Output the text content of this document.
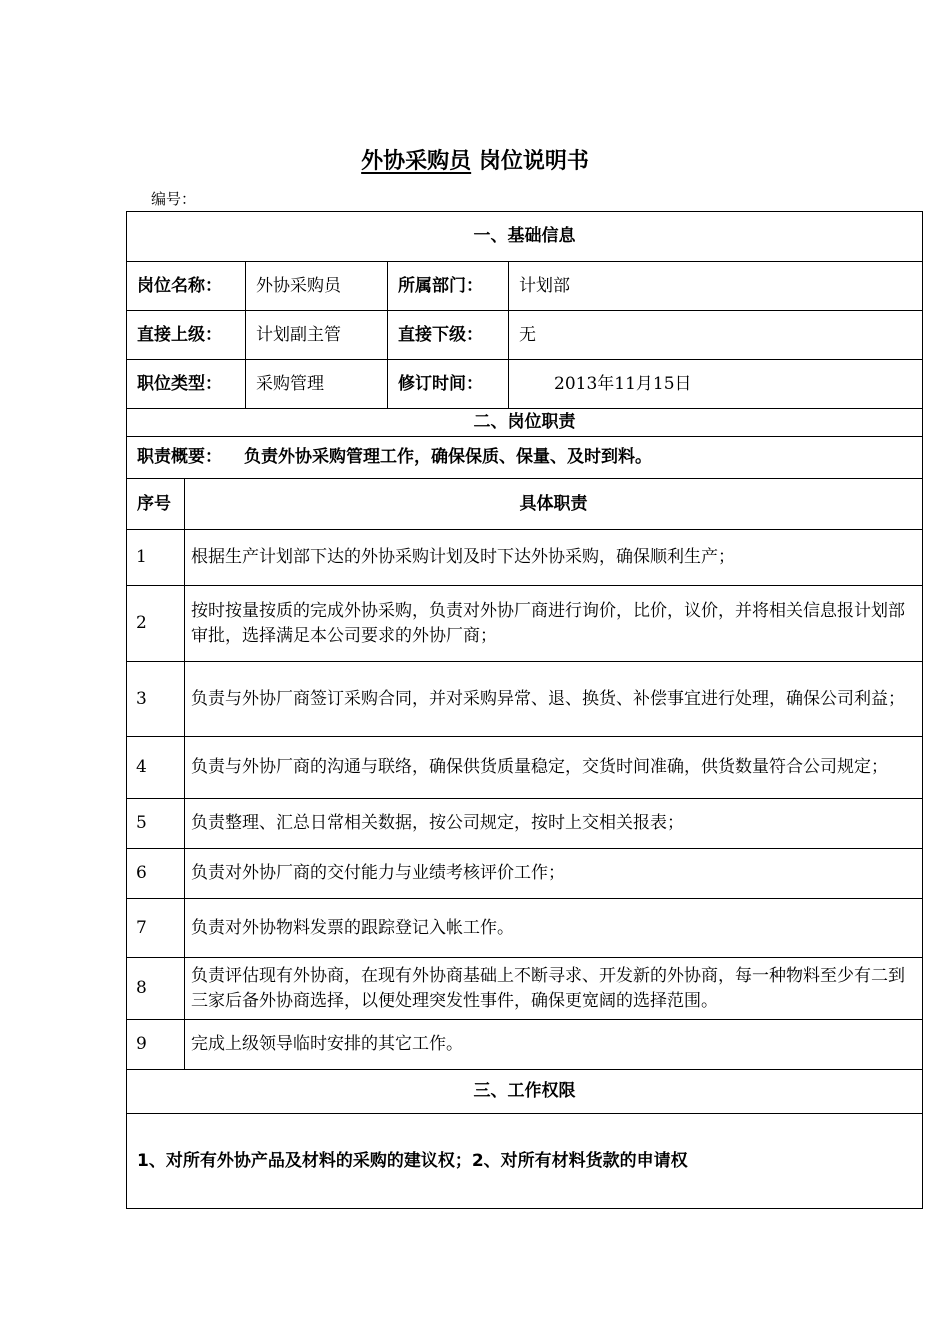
外协采购员 岗位说明书
编号：
一、基础信息				
岗位名称：		外协采购员	所属部门：	计划部
直接上级：		计划副主管	直接下级：	无
职位类型：		采购管理	修订时间：	2013年11月15日
二、岗位职责				
职责概要： 负责外协采购管理工作，确保保质、保量、及时到料。				
序号	具体职责			
1	根据生产计划部下达的外协采购计划及时下达外协采购，确保顺利生产；			
2	按时按量按质的完成外协采购，负责对外协厂商进行询价，比价，议价，并将相关信息报计划部审批，选择满足本公司要求的外协厂商；			
3	负责与外协厂商签订采购合同，并对采购异常、退、换货、补偿事宜进行处理，确保公司利益；			
4	负责与外协厂商的沟通与联络，确保供货质量稳定，交货时间准确，供货数量符合公司规定；			
5	负责整理、汇总日常相关数据，按公司规定，按时上交相关报表；			
6	负责对外协厂商的交付能力与业绩考核评价工作；			
7	负责对外协物料发票的跟踪登记入帐工作。			
8	负责评估现有外协商，在现有外协商基础上不断寻求、开发新的外协商，每一种物料至少有二到三家后备外协商选择，以便处理突发性事件，确保更宽阔的选择范围。			
9	完成上级领导临时安排的其它工作。			
三、工作权限				
1、对所有外协产品及材料的采购的建议权；2、对所有材料货款的申请权				
